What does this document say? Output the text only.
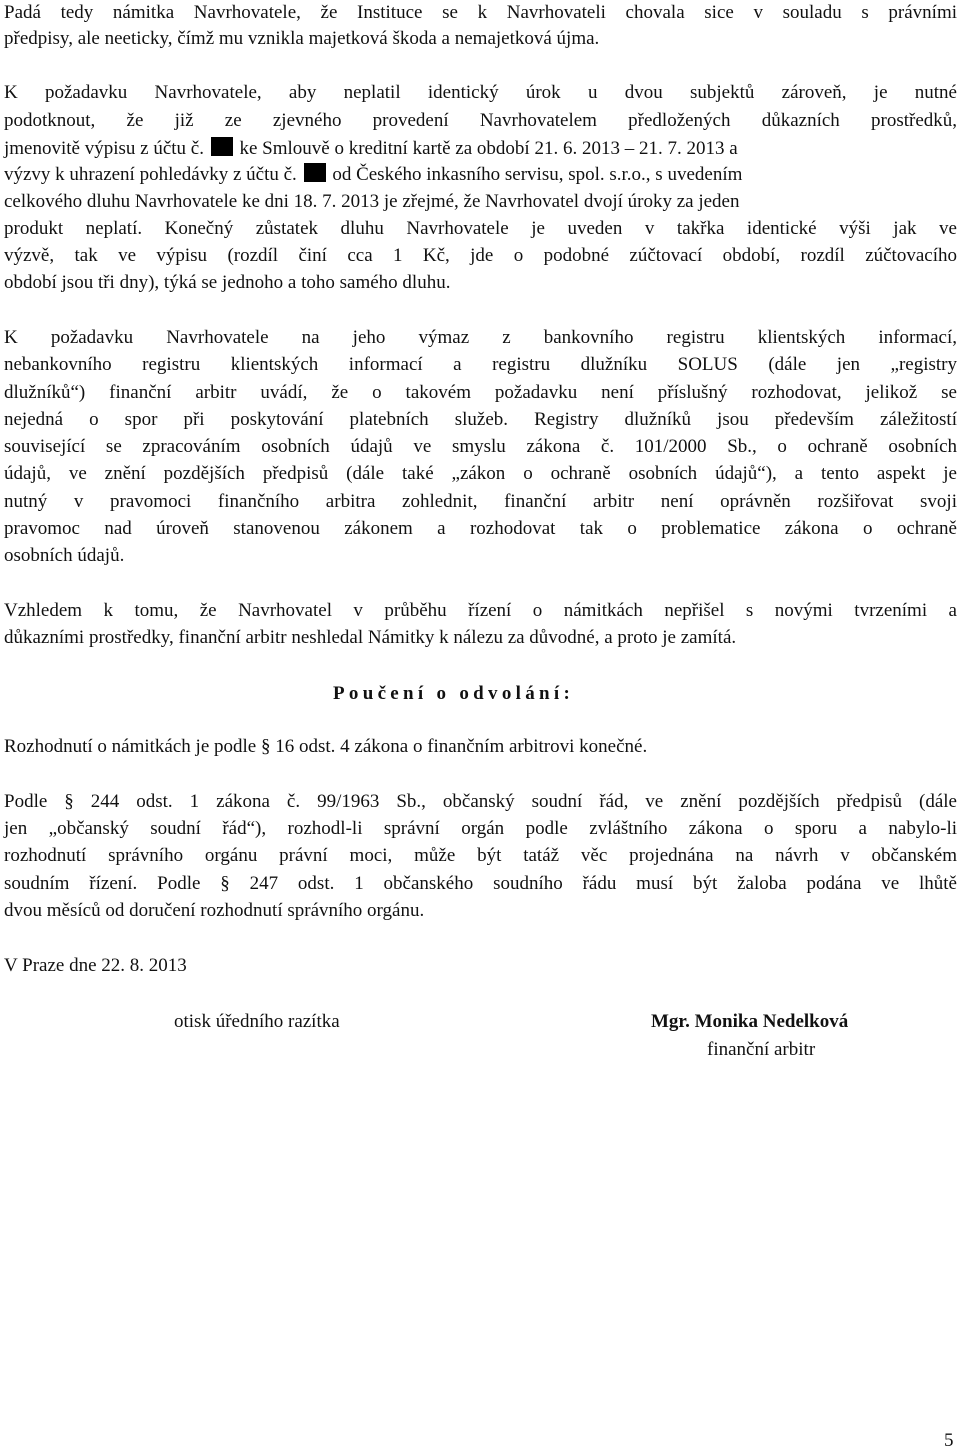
Padá tedy námitka Navrhovatele, že Instituce se k Navrhovateli chovala sice v souladu s právními
předpisy, ale neeticky, čímž mu vznikla majetková škoda a nemajetková újma.
K požadavku Navrhovatele, aby neplatil identický úrok u dvou subjektů zároveň, je nutné
podotknout, že již ze zjevného provedení Navrhovatelem předložených důkazních prostředků,
jmenovitě výpisu z účtu č. ke Smlouvě o kreditní kartě za období 21. 6. 2013 – 21. 7. 2013 a
výzvy k uhrazení pohledávky z účtu č. od Českého inkasního servisu, spol. s.r.o., s uvedením
celkového dluhu Navrhovatele ke dni 18. 7. 2013 je zřejmé, že Navrhovatel dvojí úroky za jeden
produkt neplatí. Konečný zůstatek dluhu Navrhovatele je uveden v takřka identické výši jak ve
výzvě, tak ve výpisu (rozdíl činí cca 1 Kč, jde o podobné zúčtovací období, rozdíl zúčtovacího
období jsou tři dny), týká se jednoho a toho samého dluhu.
K požadavku Navrhovatele na jeho výmaz z bankovního registru klientských informací,
nebankovního registru klientských informací a registru dlužníku SOLUS (dále jen „registry
dlužníků“) finanční arbitr uvádí, že o takovém požadavku není příslušný rozhodovat, jelikož se
nejedná o spor při poskytování platebních služeb. Registry dlužníků jsou především záležitostí
související se zpracováním osobních údajů ve smyslu zákona č. 101/2000 Sb., o ochraně osobních
údajů, ve znění pozdějších předpisů (dále také „zákon o ochraně osobních údajů“), a tento aspekt je
nutný v pravomoci finančního arbitra zohlednit, finanční arbitr není oprávněn rozšiřovat svoji
pravomoc nad úroveň stanovenou zákonem a rozhodovat tak o problematice zákona o ochraně
osobních údajů.
Vzhledem k tomu, že Navrhovatel v průběhu řízení o námitkách nepřišel s novými tvrzeními a
důkazními prostředky, finanční arbitr neshledal Námitky k nálezu za důvodné, a proto je zamítá.
Poučení o odvolání:
Rozhodnutí o námitkách je podle § 16 odst. 4 zákona o finančním arbitrovi konečné.
Podle § 244 odst. 1 zákona č. 99/1963 Sb., občanský soudní řád, ve znění pozdějších předpisů (dále
jen „občanský soudní řád“), rozhodl-li správní orgán podle zvláštního zákona o sporu a nabylo-li
rozhodnutí správního orgánu právní moci, může být tatáž věc projednána na návrh v občanském
soudním řízení. Podle § 247 odst. 1 občanského soudního řádu musí být žaloba podána ve lhůtě
dvou měsíců od doručení rozhodnutí správního orgánu.
V Praze dne 22. 8. 2013
otisk úředního razítka	Mgr. Monika Nedelková
finanční arbitr
5
